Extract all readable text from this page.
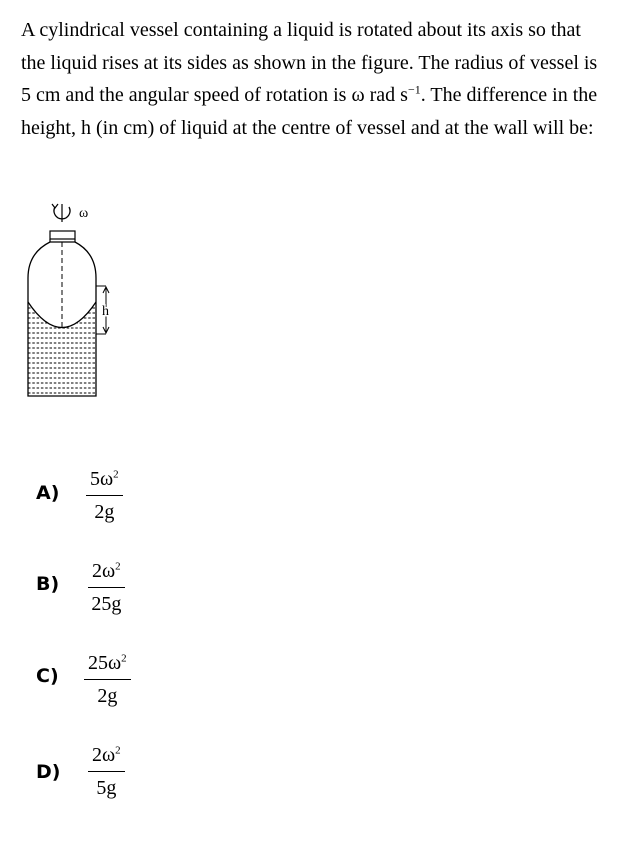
A cylindrical vessel containing a liquid is rotated about its axis so that the liquid rises at its sides as shown in the figure. The radius of vessel is 5 cm and the angular speed of rotation is ω rad $s^{-1}$. The difference in the height, h (in cm) of liquid at the centre of vessel and at the wall will be:
ω
h
$A) \frac{5\omega^2}{2g}$
$B) \frac{2\omega^2}{25g}$
$C) \frac{25\omega^2}{2g}$
$D) \frac{2\omega^2}{5g}$
